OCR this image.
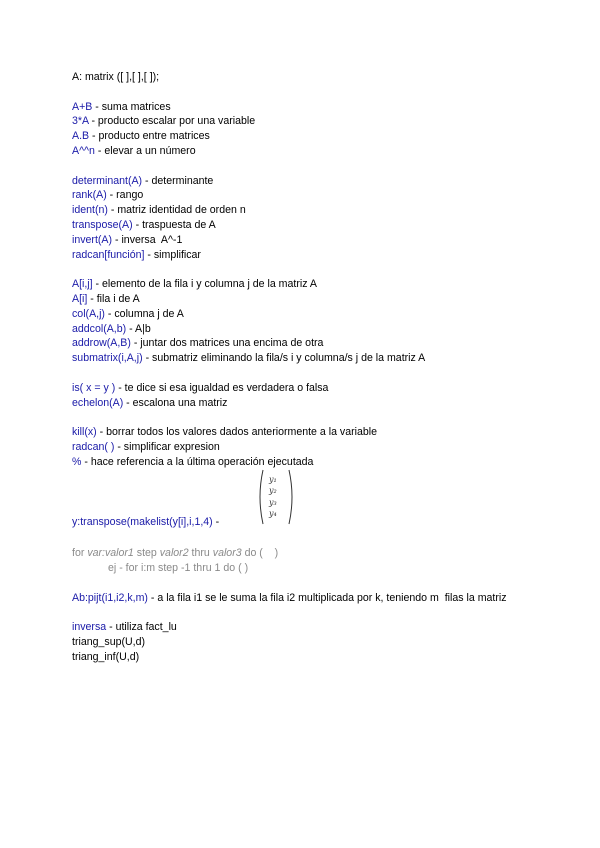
A: matrix ([ ],[ ],[ ]);
A+B - suma matrices
3*A - producto escalar por una variable
A.B - producto entre matrices
A^^n - elevar a un número
determinant(A) - determinante
rank(A) - rango
ident(n) - matriz identidad de orden n
transpose(A) - traspuesta de A
invert(A) - inversa  A^-1
radcan[función] - simplificar
A[i,j] - elemento de la fila i y columna j de la matriz A
A[i] - fila i de A
col(A,j) - columna j de A
addcol(A,b) - A|b
addrow(A,B) - juntar dos matrices una encima de otra
submatrix(i,A,j) - submatriz eliminando la fila/s i y columna/s j de la matriz A
is( x = y ) - te dice si esa igualdad es verdadera o falsa
echelon(A) - escalona una matriz
kill(x) - borrar todos los valores dados anteriormente a la variable
radcan( ) - simplificar expresion
% - hace referencia a la última operación ejecutada
y:transpose(makelist(y[i],i,1,4) -
y₁
y₂
y₃
y₄
for var:valor1 step valor2 thru valor3 do (    )
ej - for i:m step -1 thru 1 do ( )
Ab:pijt(i1,i2,k,m) - a la fila i1 se le suma la fila i2 multiplicada por k, teniendo m  filas la matriz
inversa - utiliza fact_lu
triang_sup(U,d)
triang_inf(U,d)
